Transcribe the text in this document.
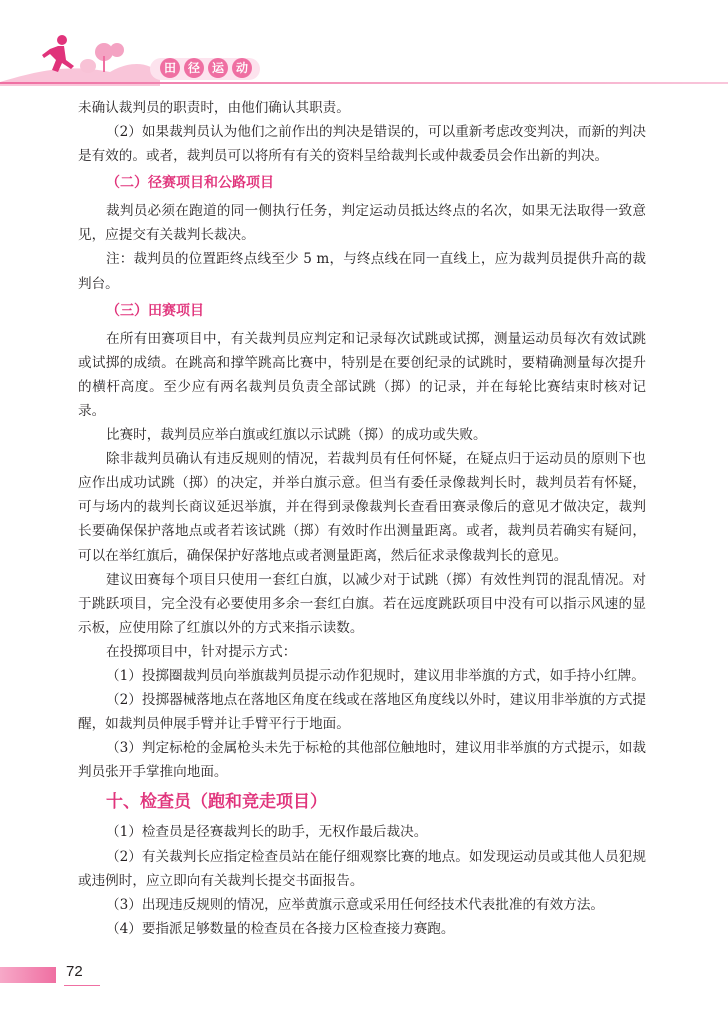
田 径 运 动

未确认裁判员的职责时，由他们确认其职责。

（2）如果裁判员认为他们之前作出的判决是错误的，可以重新考虑改变判决，而新的判决是有效的。或者，裁判员可以将所有有关的资料呈给裁判长或仲裁委员会作出新的判决。

（二）径赛项目和公路项目

裁判员必须在跑道的同一侧执行任务，判定运动员抵达终点的名次，如果无法取得一致意见，应提交有关裁判长裁决。

注：裁判员的位置距终点线至少 5 m，与终点线在同一直线上，应为裁判员提供升高的裁判台。

（三）田赛项目

在所有田赛项目中，有关裁判员应判定和记录每次试跳或试掷，测量运动员每次有效试跳或试掷的成绩。在跳高和撑竿跳高比赛中，特别是在要创纪录的试跳时，要精确测量每次提升的横杆高度。至少应有两名裁判员负责全部试跳（掷）的记录，并在每轮比赛结束时核对记录。

比赛时，裁判员应举白旗或红旗以示试跳（掷）的成功或失败。

除非裁判员确认有违反规则的情况，若裁判员有任何怀疑，在疑点归于运动员的原则下也应作出成功试跳（掷）的决定，并举白旗示意。但当有委任录像裁判长时，裁判员若有怀疑，可与场内的裁判长商议延迟举旗，并在得到录像裁判长查看田赛录像后的意见才做决定，裁判长要确保保护落地点或者若该试跳（掷）有效时作出测量距离。或者，裁判员若确实有疑问，可以在举红旗后，确保保护好落地点或者测量距离，然后征求录像裁判长的意见。

建议田赛每个项目只使用一套红白旗，以减少对于试跳（掷）有效性判罚的混乱情况。对于跳跃项目，完全没有必要使用多余一套红白旗。若在远度跳跃项目中没有可以指示风速的显示板，应使用除了红旗以外的方式来指示读数。

在投掷项目中，针对提示方式：

（1）投掷圈裁判员向举旗裁判员提示动作犯规时，建议用非举旗的方式，如手持小红牌。

（2）投掷器械落地点在落地区角度在线或在落地区角度线以外时，建议用非举旗的方式提醒，如裁判员伸展手臂并让手臂平行于地面。

（3）判定标枪的金属枪头未先于标枪的其他部位触地时，建议用非举旗的方式提示，如裁判员张开手掌推向地面。

十、检查员（跑和竞走项目）

（1）检查员是径赛裁判长的助手，无权作最后裁决。

（2）有关裁判长应指定检查员站在能仔细观察比赛的地点。如发现运动员或其他人员犯规或违例时，应立即向有关裁判长提交书面报告。

（3）出现违反规则的情况，应举黄旗示意或采用任何经技术代表批准的有效方法。

（4）要指派足够数量的检查员在各接力区检查接力赛跑。

72
